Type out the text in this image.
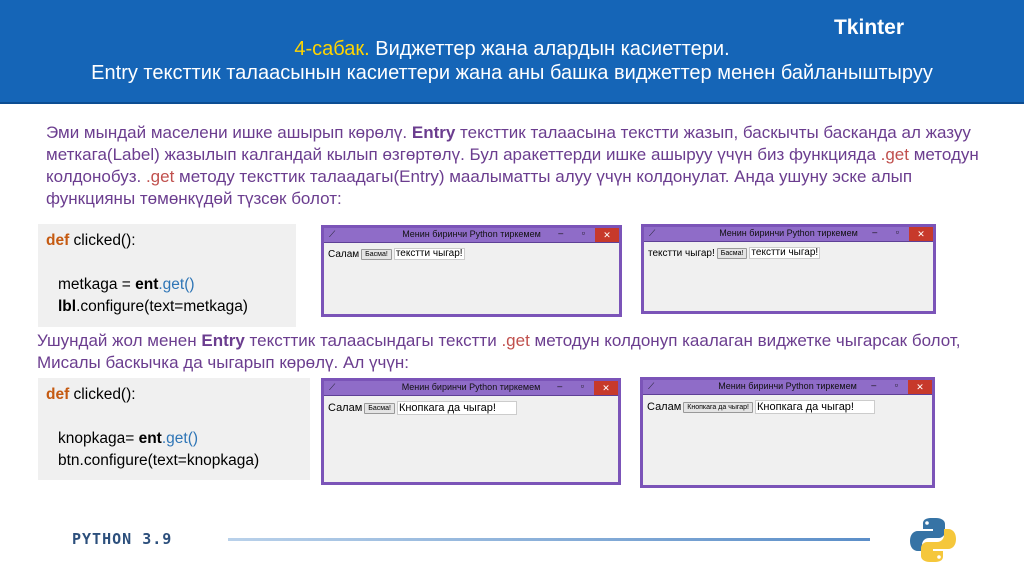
Tkinter
4-сабак. Виджеттер жана алардын касиеттери.
Entry тексттик талаасынын касиеттери жана аны башка виджеттер менен байланыштыруу
Эми мындай маселени ишке ашырып көрөлү. Entry тексттик талаасына текстти жазып, баскычты басканда ал жазуу меткага(Label) жазылып калгандай кылып өзгөртөлү. Бул аракеттерди ишке ашыруу үчүн биз функцияда .get методун колдонобуз. .get методу тексттик талаадагы(Entry) маалыматты алуу үчүн колдонулат. Анда ушуну эске алып функцияны төмөнкүдөй түзсөк болот:
def clicked():

metkaga = ent.get()
lbl.configure(text=metkaga)
⟋	Менин биринчи Python тиркемем	– ▫	✕
Салам Басма! текстти чыгар!
⟋	Менин биринчи Python тиркемем	– ▫	✕
текстти чыгар! Басма! текстти чыгар!
Ушундай жол менен Entry тексттик талаасындагы текстти .get методун колдонуп каалаган виджетке чыгарсак болот, Мисалы баскычка да чыгарып көрөлү. Ал үчүн:
def clicked():

knopkaga= ent.get()
btn.configure(text=knopkaga)
⟋	Менин биринчи Python тиркемем	– ▫	✕
Салам Басма! Кнопкага да чыгар!
⟋	Менин биринчи Python тиркемем	– ▫	✕
Салам Кнопкага да чыгар! Кнопкага да чыгар!
PYTHON 3.9
